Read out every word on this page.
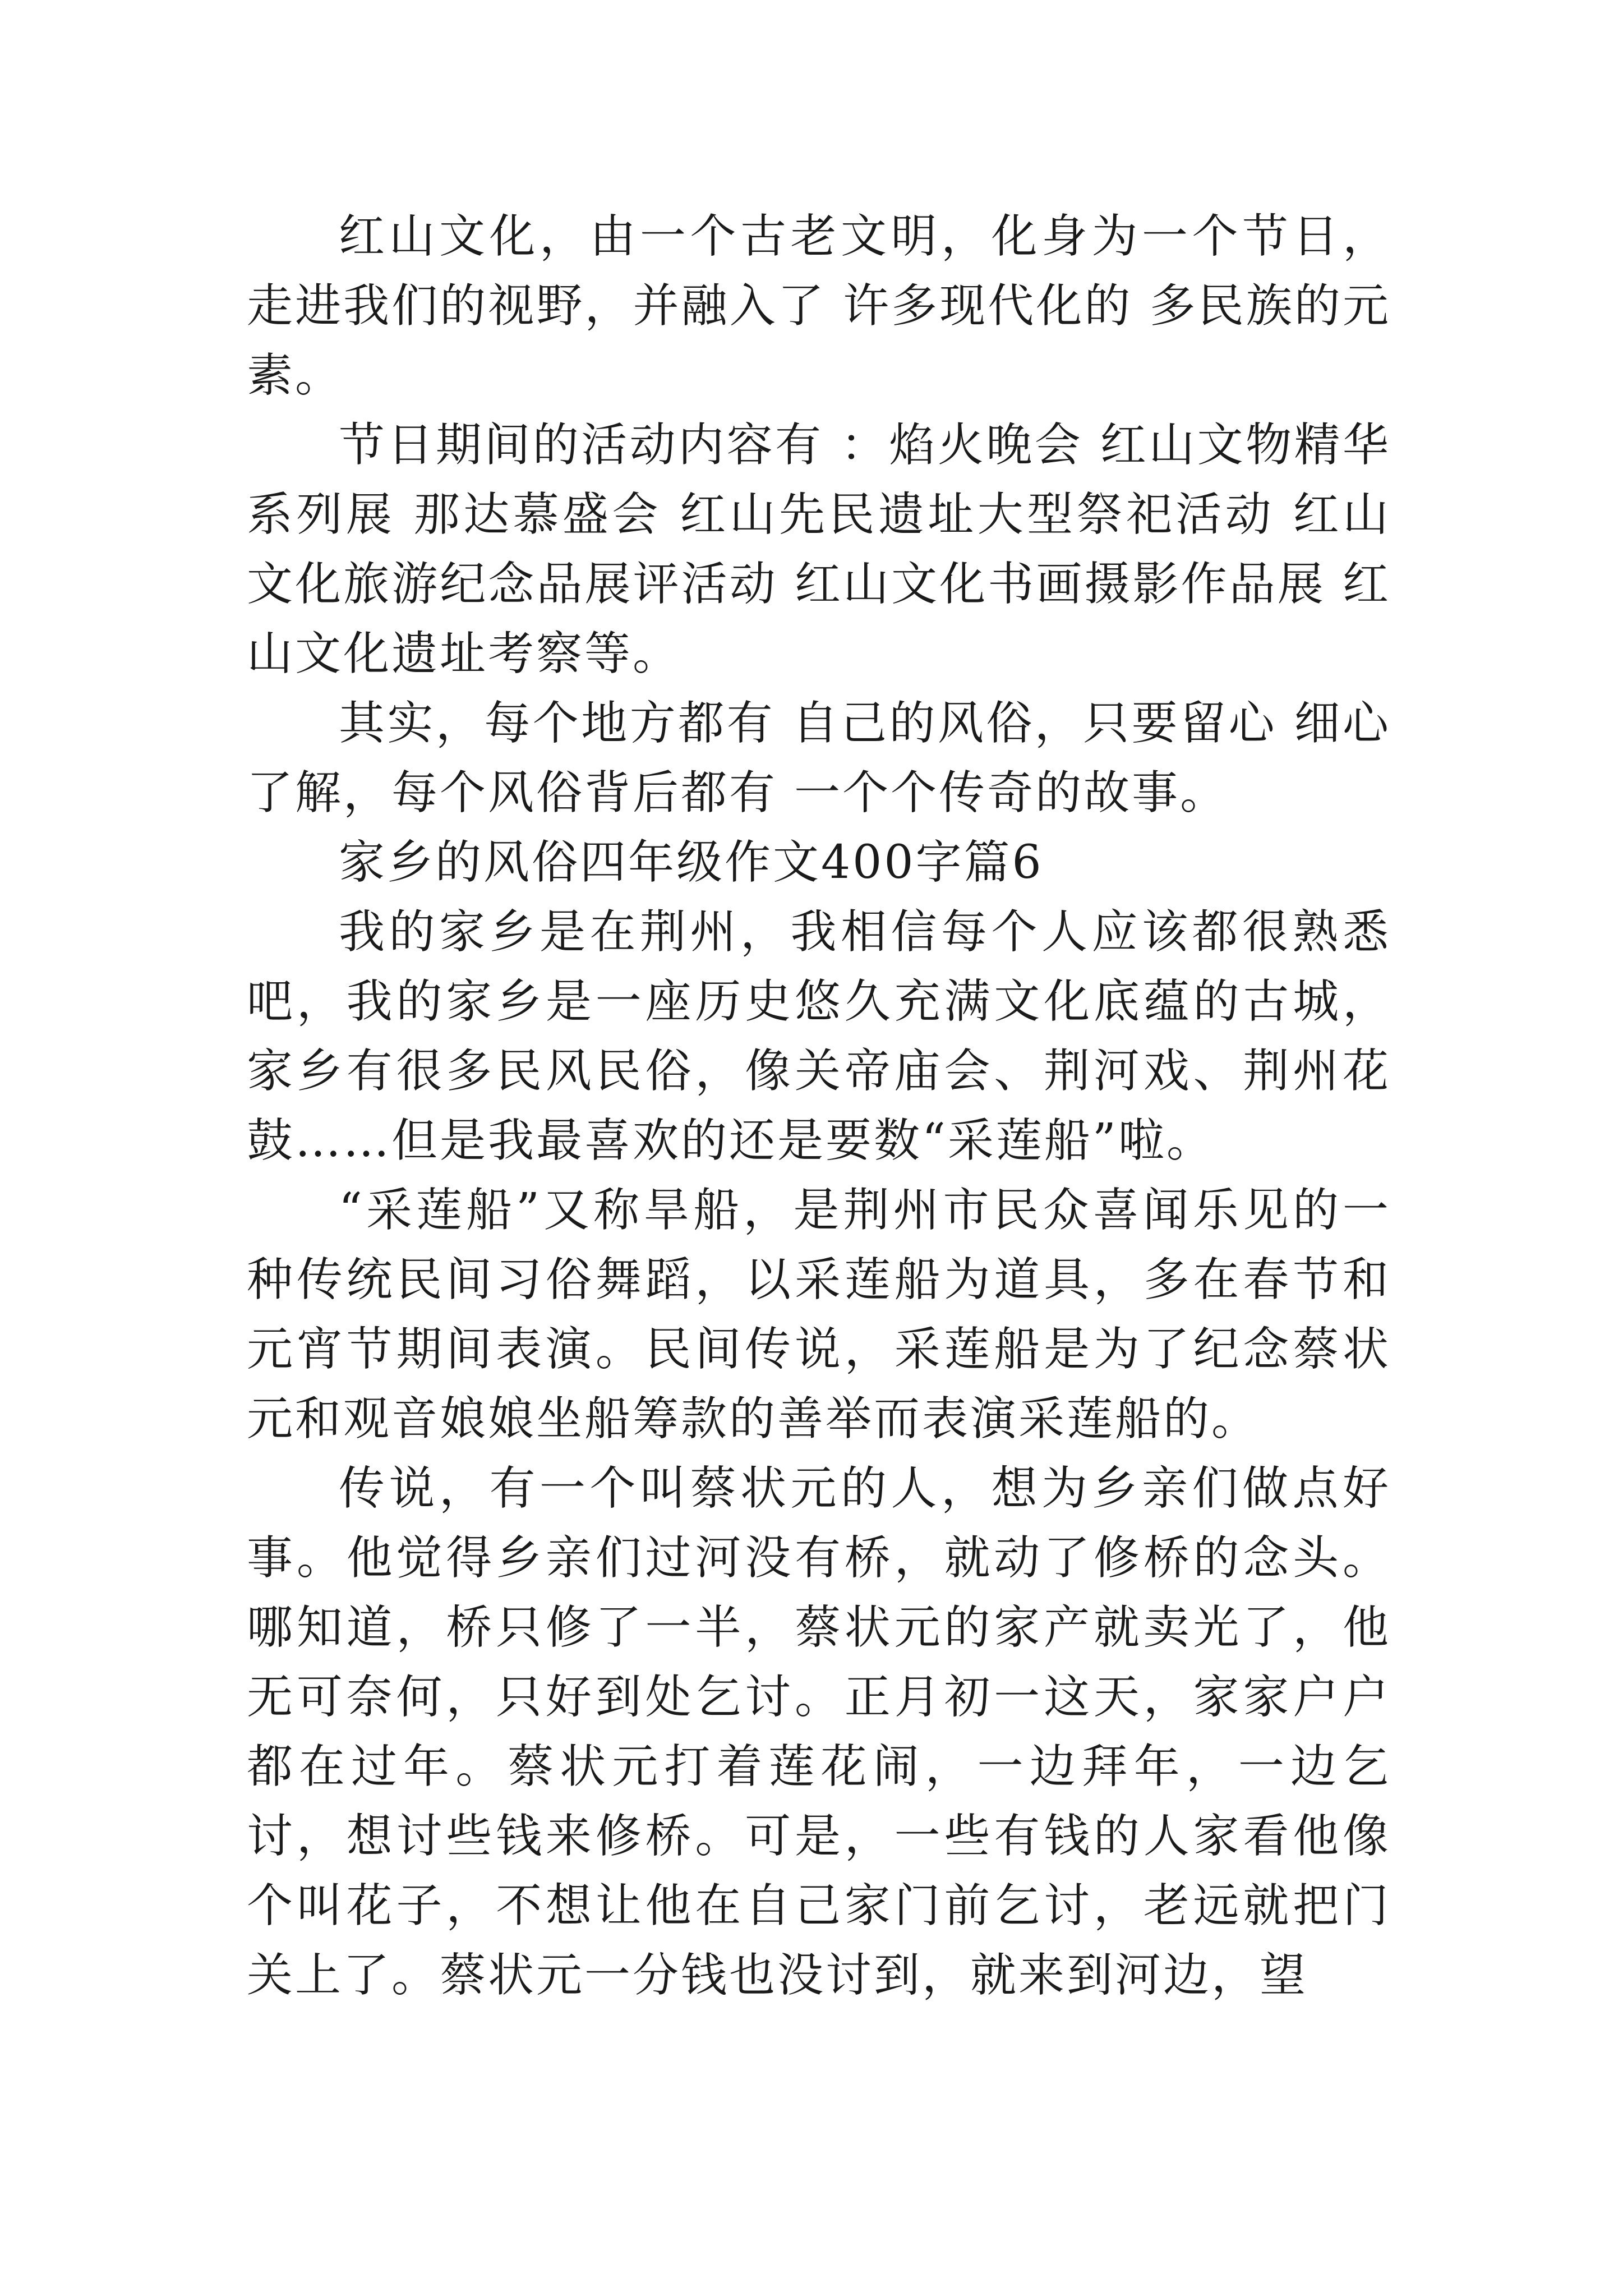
红山文化，由一个古老文明，化身为一个节日，走进我们的视野，并融入了 许多现代化的 多民族的元素。

节日期间的活动内容有 ：焰火晚会 红山文物精华系列展 那达慕盛会 红山先民遗址大型祭祀活动 红山文化旅游纪念品展评活动 红山文化书画摄影作品展 红山文化遗址考察等。

其实，每个地方都有 自己的风俗，只要留心 细心了解，每个风俗背后都有 一个个传奇的故事。

家乡的风俗四年级作文400字篇6

我的家乡是在荆州，我相信每个人应该都很熟悉吧，我的家乡是一座历史悠久充满文化底蕴的古城，家乡有很多民风民俗，像关帝庙会、荆河戏、荆州花鼓……但是我最喜欢的还是要数“采莲船”啦。

“采莲船”又称旱船，是荆州市民众喜闻乐见的一种传统民间习俗舞蹈，以采莲船为道具，多在春节和元宵节期间表演。民间传说，采莲船是为了纪念蔡状元和观音娘娘坐船筹款的善举而表演采莲船的。

传说，有一个叫蔡状元的人，想为乡亲们做点好事。他觉得乡亲们过河没有桥，就动了修桥的念头。哪知道，桥只修了一半，蔡状元的家产就卖光了，他无可奈何，只好到处乞讨。正月初一这天，家家户户都在过年。蔡状元打着莲花闹，一边拜年，一边乞讨，想讨些钱来修桥。可是，一些有钱的人家看他像个叫花子，不想让他在自己家门前乞讨，老远就把门关上了。蔡状元一分钱也没讨到，就来到河边，望
